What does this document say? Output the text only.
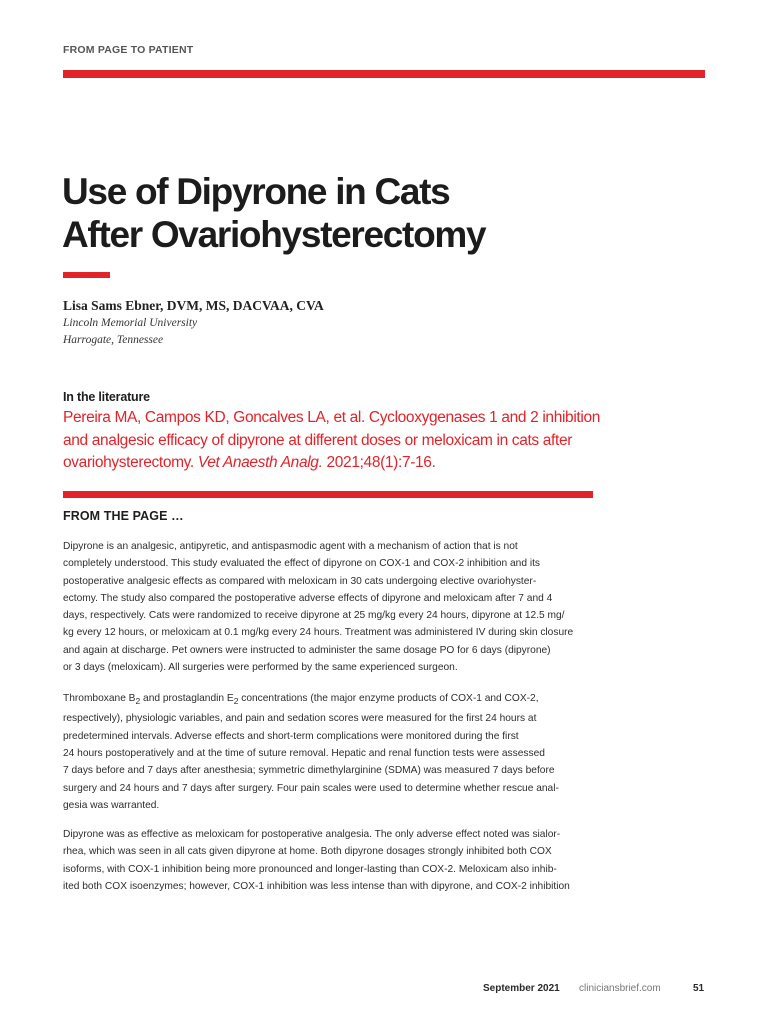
FROM PAGE TO PATIENT
Use of Dipyrone in Cats
After Ovariohysterectomy
Lisa Sams Ebner, DVM, MS, DACVAA, CVA
Lincoln Memorial University
Harrogate, Tennessee
In the literature
Pereira MA, Campos KD, Goncalves LA, et al. Cyclooxygenases 1 and 2 inhibition
and analgesic efficacy of dipyrone at different doses or meloxicam in cats after
ovariohysterectomy. Vet Anaesth Analg. 2021;48(1):7-16.
FROM THE PAGE …
Dipyrone is an analgesic, antipyretic, and antispasmodic agent with a mechanism of action that is not
completely understood. This study evaluated the effect of dipyrone on COX-1 and COX-2 inhibition and its
postoperative analgesic effects as compared with meloxicam in 30 cats undergoing elective ovariohyster-
ectomy. The study also compared the postoperative adverse effects of dipyrone and meloxicam after 7 and 4
days, respectively. Cats were randomized to receive dipyrone at 25 mg/kg every 24 hours, dipyrone at 12.5 mg/
kg every 12 hours, or meloxicam at 0.1 mg/kg every 24 hours. Treatment was administered IV during skin closure
and again at discharge. Pet owners were instructed to administer the same dosage PO for 6 days (dipyrone)
or 3 days (meloxicam). All surgeries were performed by the same experienced surgeon.
Thromboxane $B_2$ and prostaglandin $E_2$ concentrations (the major enzyme products of COX-1 and COX-2,
respectively), physiologic variables, and pain and sedation scores were measured for the first 24 hours at
predetermined intervals. Adverse effects and short-term complications were monitored during the first
24 hours postoperatively and at the time of suture removal. Hepatic and renal function tests were assessed
7 days before and 7 days after anesthesia; symmetric dimethylarginine (SDMA) was measured 7 days before
surgery and 24 hours and 7 days after surgery. Four pain scales were used to determine whether rescue anal-
gesia was warranted.
Dipyrone was as effective as meloxicam for postoperative analgesia. The only adverse effect noted was sialor-
rhea, which was seen in all cats given dipyrone at home. Both dipyrone dosages strongly inhibited both COX
isoforms, with COX-1 inhibition being more pronounced and longer-lasting than COX-2. Meloxicam also inhib-
ited both COX isoenzymes; however, COX-1 inhibition was less intense than with dipyrone, and COX-2 inhibition
September 2021 cliniciansbrief.com	51
